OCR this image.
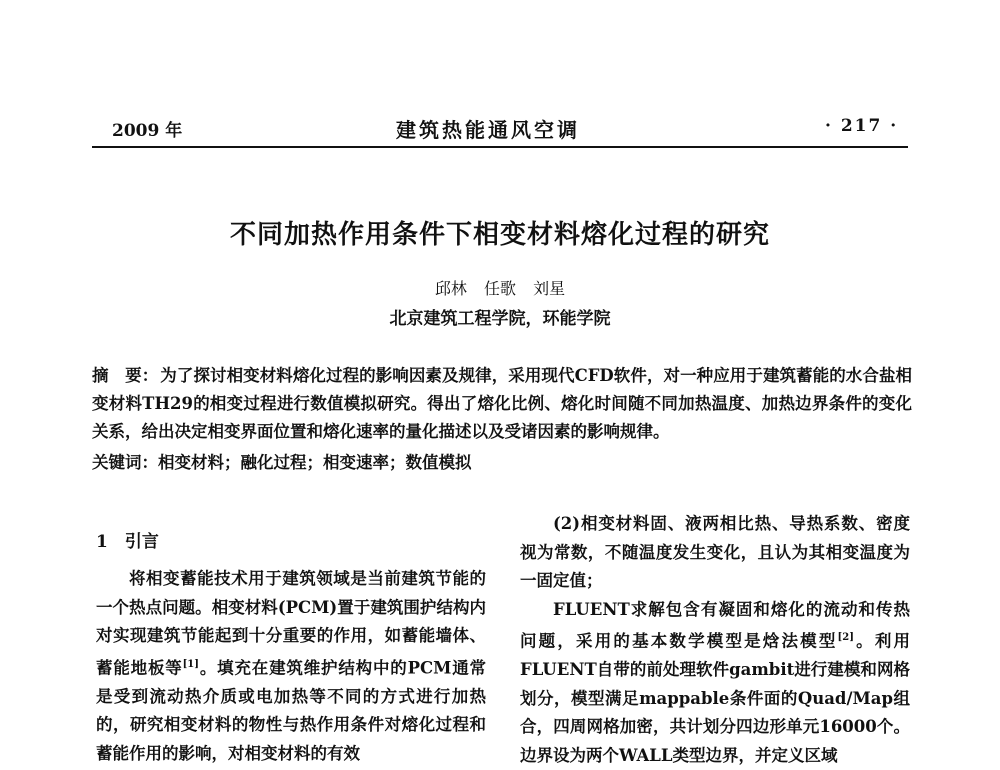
2009 年	建筑热能通风空调	· 217 ·
不同加热作用条件下相变材料熔化过程的研究
邱林 任歌 刘星
北京建筑工程学院，环能学院
摘　要： 为了探讨相变材料熔化过程的影响因素及规律，采用现代CFD软件，对一种应用于建筑蓄能的水合盐相变材料TH29的相变过程进行数值模拟研究。得出了熔化比例、熔化时间随不同加热温度、加热边界条件的变化关系，给出决定相变界面位置和熔化速率的量化描述以及受诸因素的影响规律。
关键词：相变材料；融化过程；相变速率；数值模拟
1　引言

将相变蓄能技术用于建筑领域是当前建筑节能的一个热点问题。相变材料(PCM)置于建筑围护结构内对实现建筑节能起到十分重要的作用，如蓄能墙体、蓄能地板等[1]。填充在建筑维护结构中的PCM通常是受到流动热介质或电加热等不同的方式进行加热的，研究相变材料的物性与热作用条件对熔化过程和蓄能作用的影响，对相变材料的有效

(2)相变材料固、液两相比热、导热系数、密度视为常数，不随温度发生变化，且认为其相变温度为一固定值；

FLUENT求解包含有凝固和熔化的流动和传热问题，采用的基本数学模型是焓法模型[2]。利用FLUENT自带的前处理软件gambit进行建模和网格划分，模型满足mappable条件面的Quad/Map组合，四周网格加密，共计划分四边形单元16000个。边界设为两个WALL类型边界，并定义区域
